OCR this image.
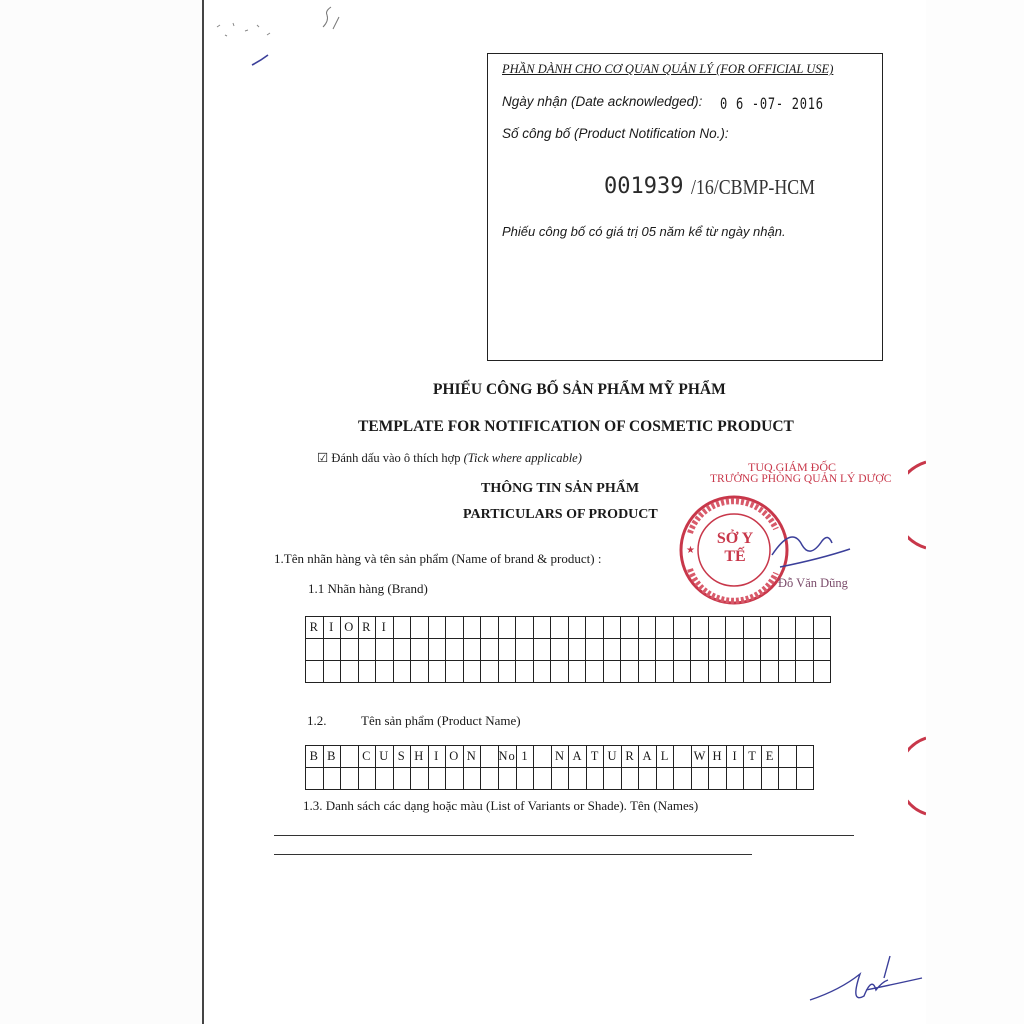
PHẦN DÀNH CHO CƠ QUAN QUẢN LÝ (FOR OFFICIAL USE)
Ngày nhận (Date acknowledged): 0 6 -07- 2016
Số công bố (Product Notification No.):
001939 /16/CBMP-HCM
Phiếu công bố có giá trị 05 năm kể từ ngày nhận.
PHIẾU CÔNG BỐ SẢN PHẨM MỸ PHẨM
TEMPLATE FOR NOTIFICATION OF COSMETIC PRODUCT
☑ Đánh dấu vào ô thích hợp (Tick where applicable)
THÔNG TIN SẢN PHẨM
PARTICULARS OF PRODUCT
1.Tên nhãn hàng và tên sản phẩm (Name of brand & product) :
1.1 Nhãn hàng (Brand)
R	I	O	R	I																									

1.2.	Tên sản phẩm (Product Name)
B	B		C	U	S	H	I	O	N		No	1		N	A	T	U	R	A	L		W	H	I	T	E		

1.3. Danh sách các dạng hoặc màu (List of Variants or Shade). Tên (Names)
TUQ.GIÁM ĐỐC
TRƯỞNG PHÒNG QUẢN LÝ DƯỢC
★
SỞ Y TẾ
Đỗ Văn Dũng
